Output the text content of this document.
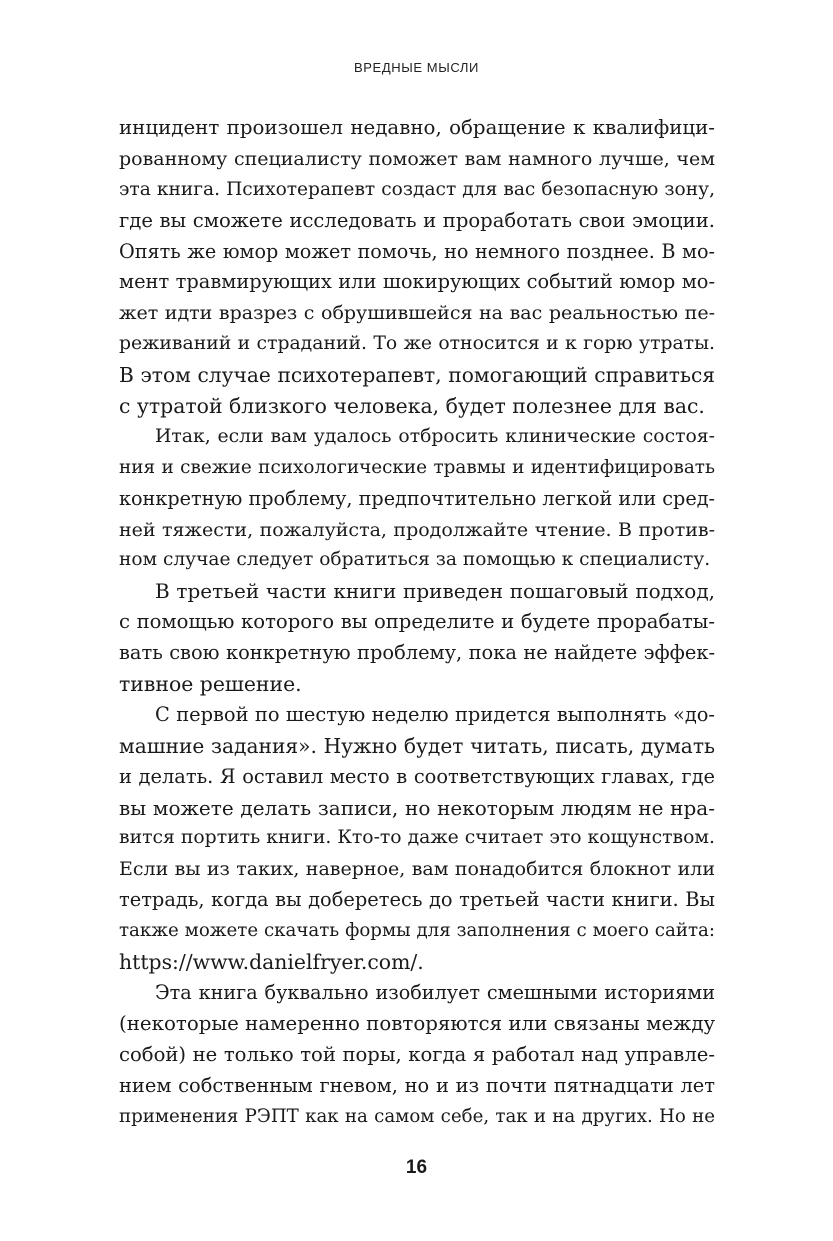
ВРЕДНЫЕ МЫСЛИ
инцидент произошел недавно, обращение к квалифици-
рованному специалисту поможет вам намного лучше, чем
эта книга. Психотерапевт создаст для вас безопасную зону,
где вы сможете исследовать и проработать свои эмоции.
Опять же юмор может помочь, но немного позднее. В мо-
мент травмирующих или шокирующих событий юмор мо-
жет идти вразрез с обрушившейся на вас реальностью пе-
реживаний и страданий. То же относится и к горю утраты.
В этом случае психотерапевт, помогающий справиться
с утратой близкого человека, будет полезнее для вас.
Итак, если вам удалось отбросить клинические состоя-
ния и свежие психологические травмы и идентифицировать
конкретную проблему, предпочтительно легкой или сред-
ней тяжести, пожалуйста, продолжайте чтение. В против-
ном случае следует обратиться за помощью к специалисту.
В третьей части книги приведен пошаговый подход,
с помощью которого вы определите и будете прорабаты-
вать свою конкретную проблему, пока не найдете эффек-
тивное решение.
С первой по шестую неделю придется выполнять «до-
машние задания». Нужно будет читать, писать, думать
и делать. Я оставил место в соответствующих главах, где
вы можете делать записи, но некоторым людям не нра-
вится портить книги. Кто-то даже считает это кощунством.
Если вы из таких, наверное, вам понадобится блокнот или
тетрадь, когда вы доберетесь до третьей части книги. Вы
также можете скачать формы для заполнения с моего сайта:
https://www.danielfryer.com/.
Эта книга буквально изобилует смешными историями
(некоторые намеренно повторяются или связаны между
собой) не только той поры, когда я работал над управле-
нием собственным гневом, но и из почти пятнадцати лет
применения РЭПТ как на самом себе, так и на других. Но не
16
